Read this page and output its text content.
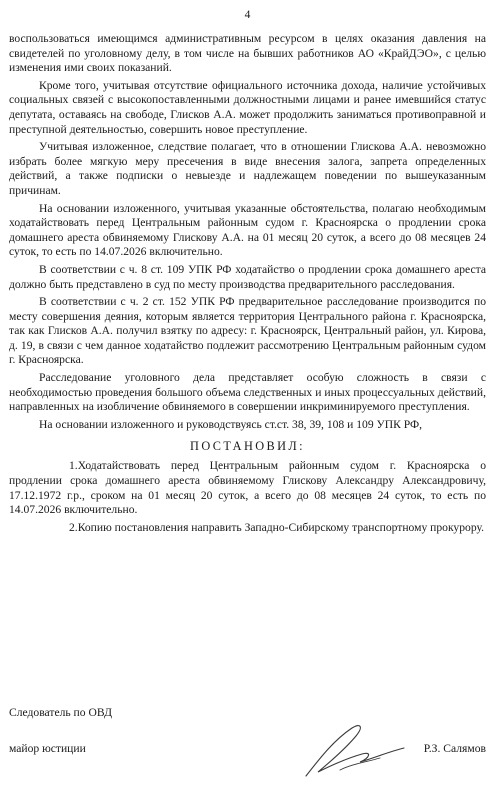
4

воспользоваться имеющимся административным ресурсом в целях оказания давления на свидетелей по уголовному делу, в том числе на бывших работников АО «КрайДЭО», с целью изменения ими своих показаний.

Кроме того, учитывая отсутствие официального источника дохода, наличие устойчивых социальных связей с высокопоставленными должностными лицами и ранее имевшийся статус депутата, оставаясь на свободе, Глисков А.А. может продолжить заниматься противоправной и преступной деятельностью, совершить новое преступление.

Учитывая изложенное, следствие полагает, что в отношении Глискова А.А. невозможно избрать более мягкую меру пресечения в виде внесения залога, запрета определенных действий, а также подписки о невыезде и надлежащем поведении по вышеуказанным причинам.

На основании изложенного, учитывая указанные обстоятельства, полагаю необходимым ходатайствовать перед Центральным районным судом г. Красноярска о продлении срока домашнего ареста обвиняемому Глискову А.А. на 01 месяц 20 суток, а всего до 08 месяцев 24 суток, то есть по 14.07.2026 включительно.

В соответствии с ч. 8 ст. 109 УПК РФ ходатайство о продлении срока домашнего ареста должно быть представлено в суд по месту производства предварительного расследования.

В соответствии с ч. 2 ст. 152 УПК РФ предварительное расследование производится по месту совершения деяния, которым является территория Центрального района г. Красноярска, так как Глисков А.А. получил взятку по адресу: г. Красноярск, Центральный район, ул. Кирова, д. 19, в связи с чем данное ходатайство подлежит рассмотрению Центральным районным судом г. Красноярска.

Расследование уголовного дела представляет особую сложность в связи с необходимостью проведения большого объема следственных и иных процессуальных действий, направленных на изобличение обвиняемого в совершении инкриминируемого преступления.

На основании изложенного и руководствуясь ст.ст. 38, 39, 108 и 109 УПК РФ,

ПОСТАНОВИЛ:

1.Ходатайствовать перед Центральным районным судом г. Красноярска о продлении срока домашнего ареста обвиняемому Глискову Александру Александровичу, 17.12.1972 г.р., сроком на 01 месяц 20 суток, а всего до 08 месяцев 24 суток, то есть по 14.07.2026 включительно.

2.Копию постановления направить Западно-Сибирскому транспортному прокурору.

Следователь по ОВД
майор юстиции	Р.З. Салямов
